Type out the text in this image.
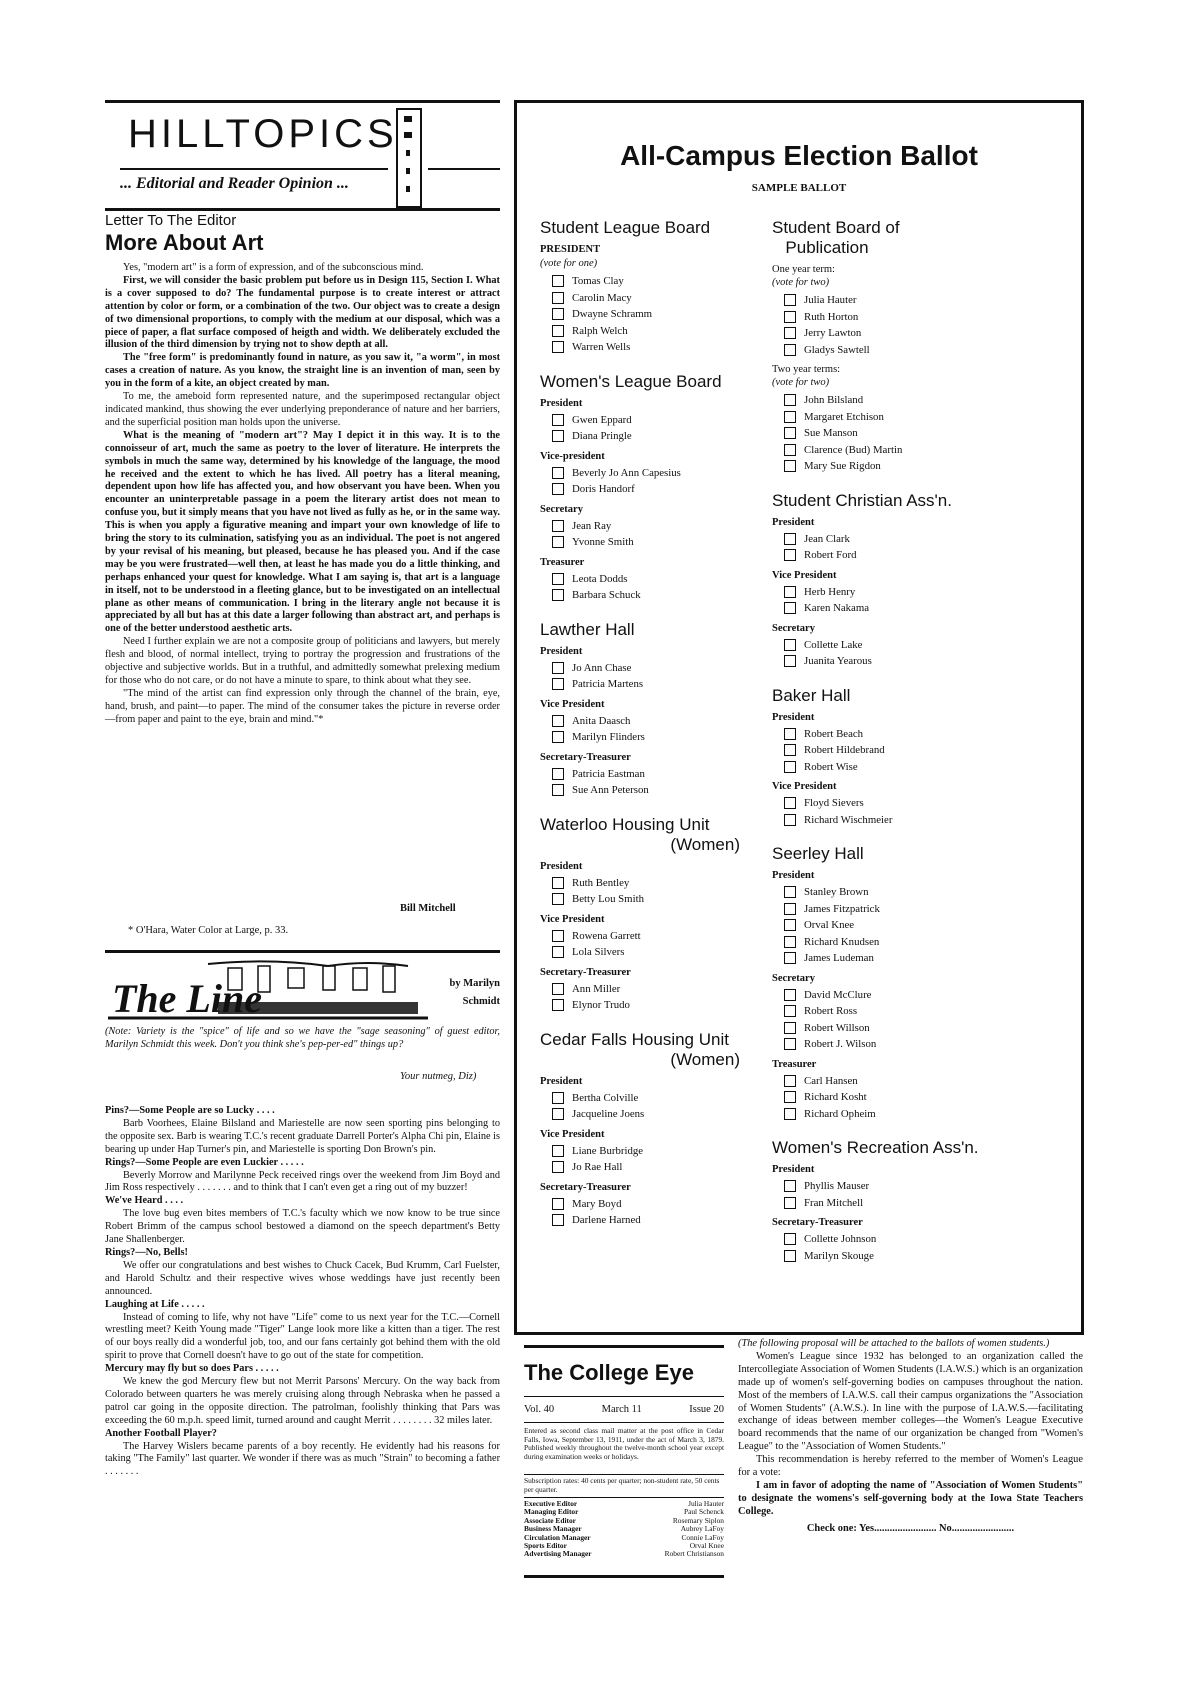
HILLTOPICS
... Editorial and Reader Opinion ...
Letter To The Editor
More About Art

Yes, "modern art" is a form of expression, and of the subconscious mind.

First, we will consider the basic problem put before us in Design 115, Section I. What is a cover supposed to do? The fundamental purpose is to create interest or attract attention by color or form, or a combination of the two. Our object was to create a design of two dimensional proportions, to comply with the medium at our disposal, which was a piece of paper, a flat surface composed of heigth and width. We deliberately excluded the illusion of the third dimension by trying not to show depth at all.

The "free form" is predominantly found in nature, as you saw it, "a worm", in most cases a creation of nature. As you know, the straight line is an invention of man, seen by you in the form of a kite, an object created by man.

To me, the ameboid form represented nature, and the superimposed rectangular object indicated mankind, thus showing the ever underlying preponderance of nature and her barriers, and the superficial position man holds upon the universe.

What is the meaning of "modern art"? May I depict it in this way. It is to the connoisseur of art, much the same as poetry to the lover of literature. He interprets the symbols in much the same way, determined by his knowledge of the language, the mood he received and the extent to which he has lived. All poetry has a literal meaning, dependent upon how life has affected you, and how observant you have been. When you encounter an uninterpretable passage in a poem the literary artist does not mean to confuse you, but it simply means that you have not lived as fully as he, or in the same way. This is when you apply a figurative meaning and impart your own knowledge of life to bring the story to its culmination, satisfying you as an individual. The poet is not angered by your revisal of his meaning, but pleased, because he has pleased you. And if the case may be you were frustrated—well then, at least he has made you do a little thinking, and perhaps enhanced your quest for knowledge. What I am saying is, that art is a language in itself, not to be understood in a fleeting glance, but to be investigated on an intellectual plane as other means of communication. I bring in the literary angle not because it is appreciated by all but has at this date a larger following than abstract art, and perhaps is one of the better understood aesthetic arts.

Need I further explain we are not a composite group of politicians and lawyers, but merely flesh and blood, of normal intellect, trying to portray the progression and frustrations of the objective and subjective worlds. But in a truthful, and admittedly somewhat prelexing medium for those who do not care, or do not have a minute to spare, to think about what they see.

"The mind of the artist can find expression only through the channel of the brain, eye, hand, brush, and paint—to paper. The mind of the consumer takes the picture in reverse order—from paper and paint to the eye, brain and mind."*

Bill Mitchell
* O'Hara, Water Color at Large, p. 33.
The Line	by Marilyn Schmidt
(Note: Variety is the "spice" of life and so we have the "sage seasoning" of guest editor, Marilyn Schmidt this week. Don't you think she's pep-per-ed" things up?
Your nutmeg, Diz)
Pins?—Some People are so Lucky . . . .

Barb Voorhees, Elaine Bilsland and Mariestelle are now seen sporting pins belonging to the opposite sex. Barb is wearing T.C.'s recent graduate Darrell Porter's Alpha Chi pin, Elaine is bearing up under Hap Turner's pin, and Mariestelle is sporting Don Brown's pin.

Rings?—Some People are even Luckier . . . . .

Beverly Morrow and Marilynne Peck received rings over the weekend from Jim Boyd and Jim Ross respectively . . . . . . . and to think that I can't even get a ring out of my buzzer!

We've Heard . . . .

The love bug even bites members of T.C.'s faculty which we now know to be true since Robert Brimm of the campus school bestowed a diamond on the speech department's Betty Jane Shallenberger.

Rings?—No, Bells!

We offer our congratulations and best wishes to Chuck Cacek, Bud Krumm, Carl Fuelster, and Harold Schultz and their respective wives whose weddings have just recently been announced.

Laughing at Life . . . . .

Instead of coming to life, why not have "Life" come to us next year for the T.C.—Cornell wrestling meet? Keith Young made "Tiger" Lange look more like a kitten than a tiger. The rest of our boys really did a wonderful job, too, and our fans certainly got behind them with the old spirit to prove that Cornell doesn't have to go out of the state for competition.

Mercury may fly but so does Pars . . . . .

We knew the god Mercury flew but not Merrit Parsons' Mercury. On the way back from Colorado between quarters he was merely cruising along through Nebraska when he passed a patrol car going in the opposite direction. The patrolman, foolishly thinking that Pars was exceeding the 60 m.p.h. speed limit, turned around and caught Merrit . . . . . . . . 32 miles later.

Another Football Player?

The Harvey Wislers became parents of a boy recently. He evidently had his reasons for taking "The Family" last quarter. We wonder if there was as much "Strain" to becoming a father . . . . . . .

All-Campus Election Ballot
SAMPLE BALLOT
Student League Board
PRESIDENT
(vote for one)
Tomas Clay
Carolin Macy
Dwayne Schramm
Ralph Welch
Warren Wells
Women's League Board
President
Gwen Eppard
Diana Pringle
Vice-president
Beverly Jo Ann Capesius
Doris Handorf
Secretary
Jean Ray
Yvonne Smith
Treasurer
Leota Dodds
Barbara Schuck
Lawther Hall
President
Jo Ann Chase
Patricia Martens
Vice President
Anita Daasch
Marilyn Flinders
Secretary-Treasurer
Patricia Eastman
Sue Ann Peterson
Waterloo Housing Unit
(Women)
President
Ruth Bentley
Betty Lou Smith
Vice President
Rowena Garrett
Lola Silvers
Secretary-Treasurer
Ann Miller
Elynor Trudo
Cedar Falls Housing Unit
(Women)
President
Bertha Colville
Jacqueline Joens
Vice President
Liane Burbridge
Jo Rae Hall
Secretary-Treasurer
Mary Boyd
Darlene Harned
Student Board of
Publication
One year term:
(vote for two)
Julia Hauter
Ruth Horton
Jerry Lawton
Gladys Sawtell
Two year terms:
(vote for two)
John Bilsland
Margaret Etchison
Sue Manson
Clarence (Bud) Martin
Mary Sue Rigdon
Student Christian Ass'n.
President
Jean Clark
Robert Ford
Vice President
Herb Henry
Karen Nakama
Secretary
Collette Lake
Juanita Yearous
Baker Hall
President
Robert Beach
Robert Hildebrand
Robert Wise
Vice President
Floyd Sievers
Richard Wischmeier
Seerley Hall
President
Stanley Brown
James Fitzpatrick
Orval Knee
Richard Knudsen
James Ludeman
Secretary
David McClure
Robert Ross
Robert Willson
Robert J. Wilson
Treasurer
Carl Hansen
Richard Kosht
Richard Opheim
Women's Recreation Ass'n.
President
Phyllis Mauser
Fran Mitchell
Secretary-Treasurer
Collette Johnson
Marilyn Skouge
The College Eye
Vol. 40	March 11	Issue 20
Entered as second class mail matter at the post office in Cedar Falls, Iowa, September 13, 1911, under the act of March 3, 1879. Published weekly throughout the twelve-month school year except during examination weeks or holidays.
Subscription rates: 40 cents per quarter; non-student rate, 50 cents per quarter.
Executive Editor	Julia Hauter
Managing Editor	Paul Schenck
Associate Editor	Rosemary Siplon
Business Manager	Aubrey LaFoy
Circulation Manager	Connie LaFoy
Sports Editor	Orval Knee
Advertising Manager	Robert Christianson

(The following proposal will be attached to the ballots of women students.)

Women's League since 1932 has belonged to an organization called the Intercollegiate Association of Women Students (I.A.W.S.) which is an organization made up of women's self-governing bodies on campuses throughout the nation. Most of the members of I.A.W.S. call their campus organizations the "Association of Women Students" (A.W.S.). In line with the purpose of I.A.W.S.—facilitating exchange of ideas between member colleges—the Women's League Executive board recommends that the name of our organization be changed from "Women's League" to the "Association of Women Students."

This recommendation is hereby referred to the member of Women's League for a vote:

I am in favor of adopting the name of "Association of Women Students" to designate the womens's self-governing body at the Iowa State Teachers College.

Check one: Yes........................ No........................
